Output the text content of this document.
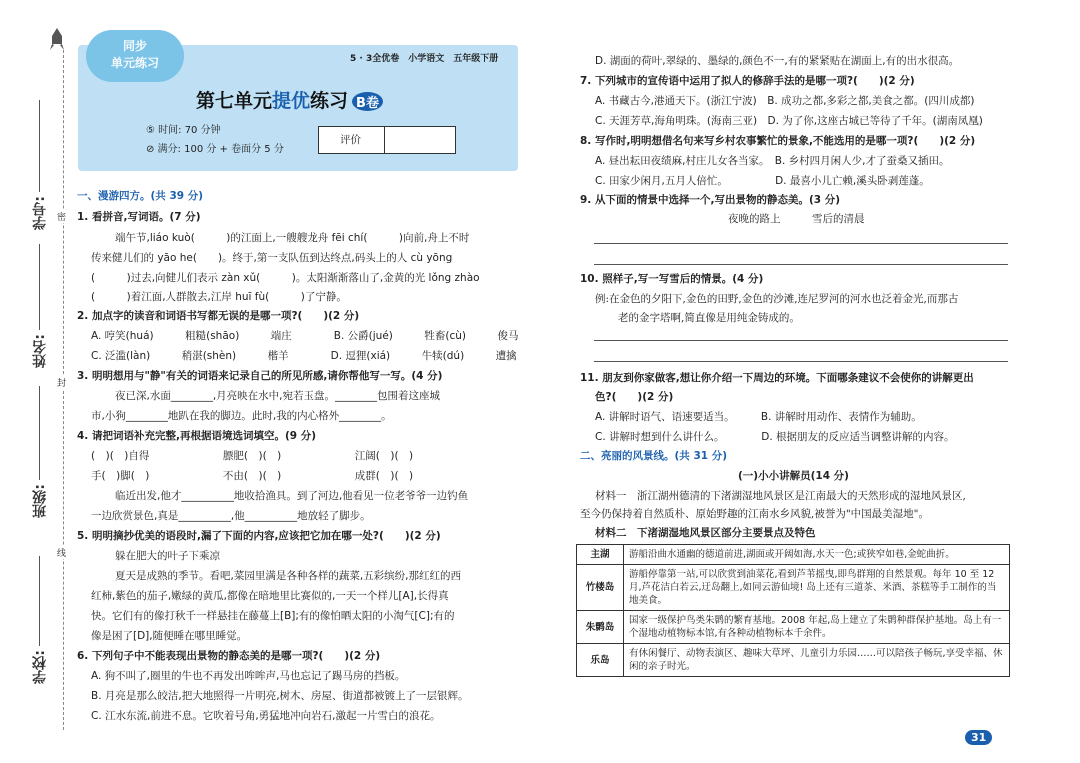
学号:
姓名:
班级:
学校:
密
封
线
同步
单元练习	5 · 3全优卷　小学语文　五年级下册
第七单元提优练习 B卷
⑤ 时间: 70 分钟
⊘ 满分: 100 分 + 卷面分 5 分
评价
一、漫游四方。(共 39 分)
1. 看拼音,写词语。(7 分)
端午节,liáo kuò(　　　)的江面上,一艘艘龙舟 fēi chí(　　　)向前,舟上不时
传来健儿们的 yāo he(　　)。终于,第一支队伍到达终点,码头上的人 cù yōng
(　　　)过去,向健儿们表示 zàn xǔ(　　　)。太阳渐渐落山了,金黄的光 lǒng zhào
(　　　)着江面,人群散去,江岸 huī fù(　　　)了宁静。
2. 加点字的读音和词语书写都无误的是哪一项?(　　)(2 分)
A. 哼笑(huá)　　　粗糙(shāo)　　　端庄　　　　B. 公爵(jué)　　　牲畜(cù)　　　俊马
C. 泛滥(làn)　　　稍湛(shèn)　　　楷羊　　　　D. 逗狸(xiá)　　　牛犊(dú)　　　遭擒
3. 明明想用与"静"有关的词语来记录自己的所见所感,请你帮他写一写。(4 分)
夜已深,水面________,月亮映在水中,宛若玉盘。________包围着这座城
市,小狗________地趴在我的脚边。此时,我的内心格外________。
4. 请把词语补充完整,再根据语境选词填空。(9 分)
(　)(　)自得　　　　　　　膘肥(　)(　)　　　　　　　江阔(　)(　)
手(　)脚(　)　　　　　　　不由(　)(　)　　　　　　　成群(　)(　)
临近出发,他才__________地收拾渔具。到了河边,他看见一位老爷爷一边钓鱼
一边欣赏景色,真是__________,他__________地放轻了脚步。
5. 明明摘抄优美的语段时,漏了下面的内容,应该把它加在哪一处?(　　)(2 分)
躲在肥大的叶子下乘凉
夏天是成熟的季节。看吧,菜园里满是各种各样的蔬菜,五彩缤纷,那红红的西
红柿,紫色的茄子,嫩绿的黄瓜,都像在暗地里比赛似的,一天一个样儿[A],长得真
快。它们有的像打秋千一样悬挂在藤蔓上[B];有的像怕晒太阳的小淘气[C];有的
像是困了[D],随便睡在哪里睡觉。
6. 下列句子中不能表现出景物的静态美的是哪一项?(　　)(2 分)
A. 狗不叫了,圈里的牛也不再发出哞哞声,马也忘记了踢马房的挡板。
B. 月亮是那么皎洁,把大地照得一片明亮,树木、房屋、街道都被镀上了一层银辉。
C. 江水东流,前进不息。它吹着号角,勇猛地冲向岩石,激起一片雪白的浪花。
D. 湖面的荷叶,翠绿的、墨绿的,颜色不一,有的紧紧贴在湖面上,有的出水很高。
7. 下列城市的宣传语中运用了拟人的修辞手法的是哪一项?(　　)(2 分)
A. 书藏古今,港通天下。(浙江宁波)　B. 成功之都,多彩之都,美食之都。(四川成都)
C. 天涯芳草,海角明珠。(海南三亚)　D. 为了你,这座古城已等待了千年。(湖南凤凰)
8. 写作时,明明想借名句来写乡村农事繁忙的景象,不能选用的是哪一项?(　　)(2 分)
A. 昼出耘田夜绩麻,村庄儿女各当家。　B. 乡村四月闲人少,才了蚕桑又插田。
C. 田家少闲月,五月人倍忙。　　　　　D. 最喜小儿亡赖,溪头卧剥莲蓬。
9. 从下面的情景中选择一个,写出景物的静态美。(3 分)
夜晚的路上　　　雪后的清晨
10. 照样子,写一写雪后的情景。(4 分)
例:在金色的夕阳下,金色的田野,金色的沙滩,连尼罗河的河水也泛着金光,而那古
老的金字塔啊,简直像是用纯金铸成的。
11. 朋友到你家做客,想让你介绍一下周边的环境。下面哪条建议不会使你的讲解更出
色?(　　)(2 分)
A. 讲解时语气、语速要适当。　　　B. 讲解时用动作、表情作为辅助。
C. 讲解时想到什么讲什么。　　　　D. 根据朋友的反应适当调整讲解的内容。
二、亮丽的风景线。(共 31 分)
(一)小小讲解员(14 分)
材料一　浙江湖州德清的下渚湖湿地风景区是江南最大的天然形成的湿地风景区,
至今仍保持着自然质朴、原始野趣的江南水乡风貌,被誉为"中国最美湿地"。
材料二　下渚湖湿地风景区部分主要景点及特色
主湖	游船沿曲水通幽的德道前进,湖面或开阔如海,水天一色;或狭窄如巷,金蛇曲折。
竹楼岛	游船停靠第一站,可以欣赏到油菜花,看到芦苇摇曳,即鸟群翔的自然景观。每年 10 至 12 月,芦花洁白若云,迂岛翻上,如同云游仙境! 岛上还有三道茶、米酒、茶糕等手工制作的当地美食。
朱鹮岛	国家一级保护鸟类朱鹮的繁育基地。2008 年起,岛上建立了朱鹮种群保护基地。岛上有一个湿地动植物标本馆,有各种动植物标本千余件。
乐岛	有休闲餐厅、动物表演区、趣味大草坪、儿童引力乐园……可以陪孩子畅玩,享受幸福、休闲的亲子时光。
31
